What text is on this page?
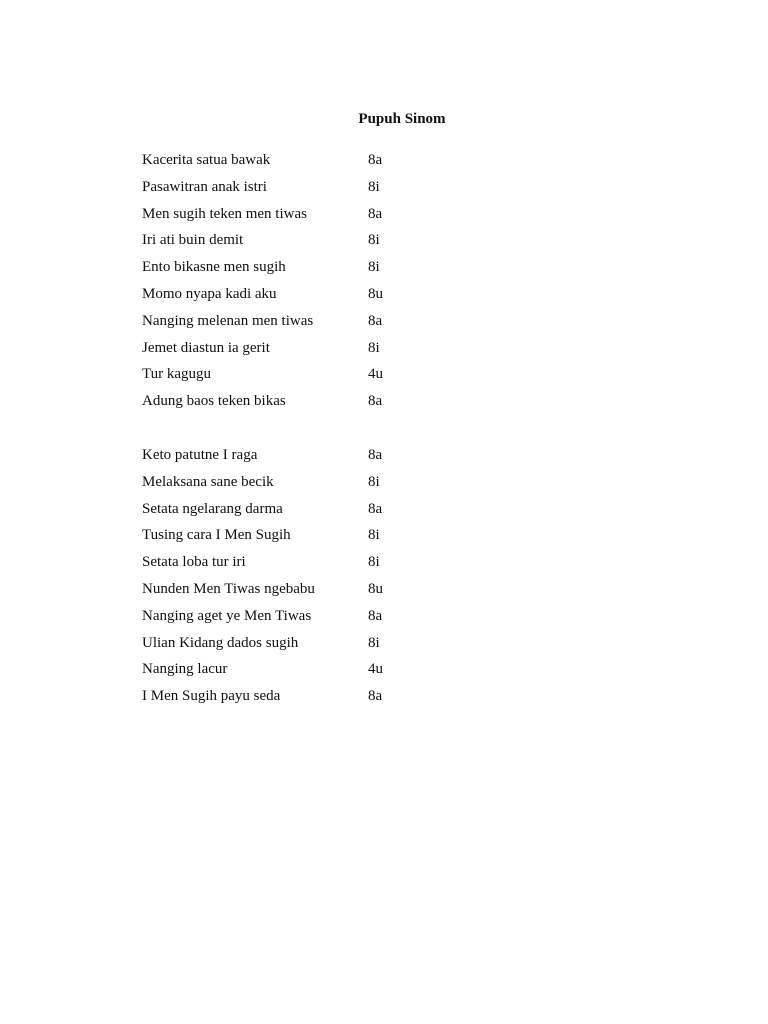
Pupuh Sinom
Kacerita satua bawak	8a
Pasawitran anak istri	8i
Men sugih teken men tiwas	8a
Iri ati buin demit	8i
Ento bikasne men sugih	8i
Momo nyapa kadi aku	8u
Nanging melenan men tiwas	8a
Jemet diastun ia gerit	8i
Tur kagugu	4u
Adung baos teken bikas	8a
Keto patutne I raga	8a
Melaksana sane becik	8i
Setata ngelarang darma	8a
Tusing cara I Men Sugih	8i
Setata loba tur iri	8i
Nunden Men Tiwas ngebabu	8u
Nanging aget ye Men Tiwas	8a
Ulian Kidang dados sugih	8i
Nanging lacur	4u
I Men Sugih payu seda	8a
